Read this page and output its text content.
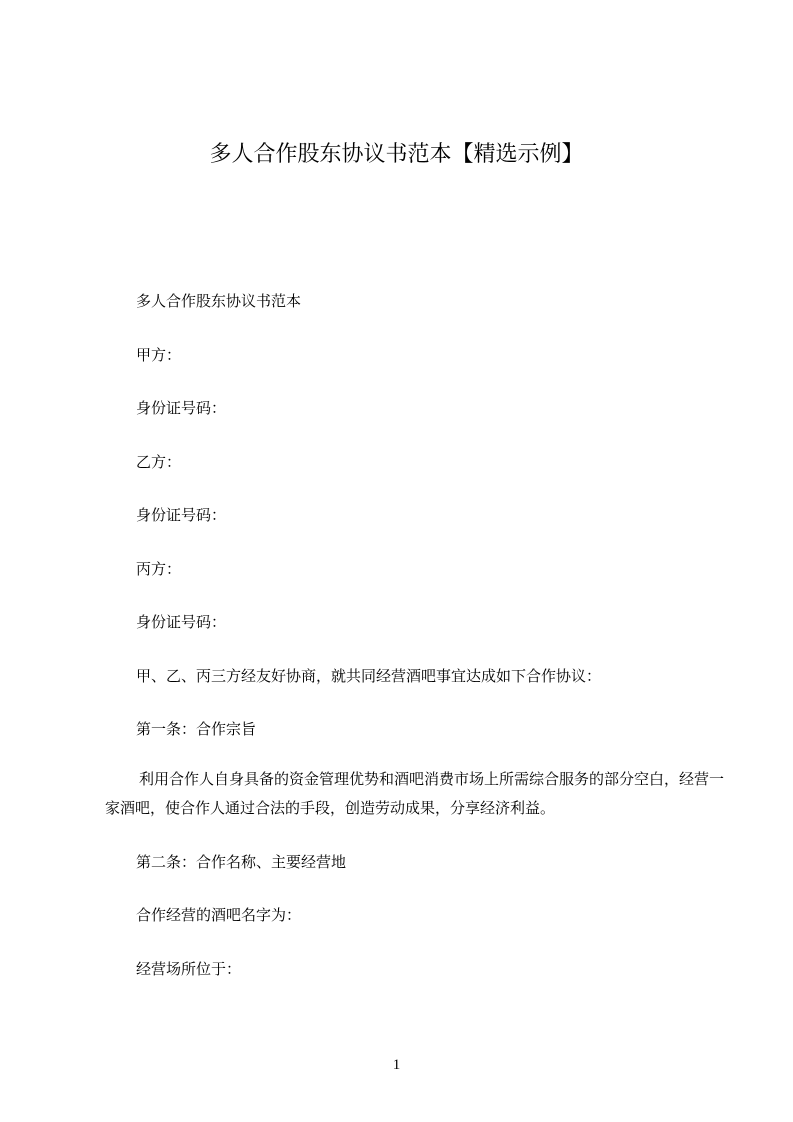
多人合作股东协议书范本【精选示例】

多人合作股东协议书范本

甲方：

身份证号码：

乙方：

身份证号码：

丙方：

身份证号码：

甲、乙、丙三方经友好协商，就共同经营酒吧事宜达成如下合作协议：

第一条：合作宗旨

利用合作人自身具备的资金管理优势和酒吧消费市场上所需综合服务的部分空白，经营一家酒吧，使合作人通过合法的手段，创造劳动成果，分享经济利益。

第二条：合作名称、主要经营地

合作经营的酒吧名字为：

经营场所位于：

1
